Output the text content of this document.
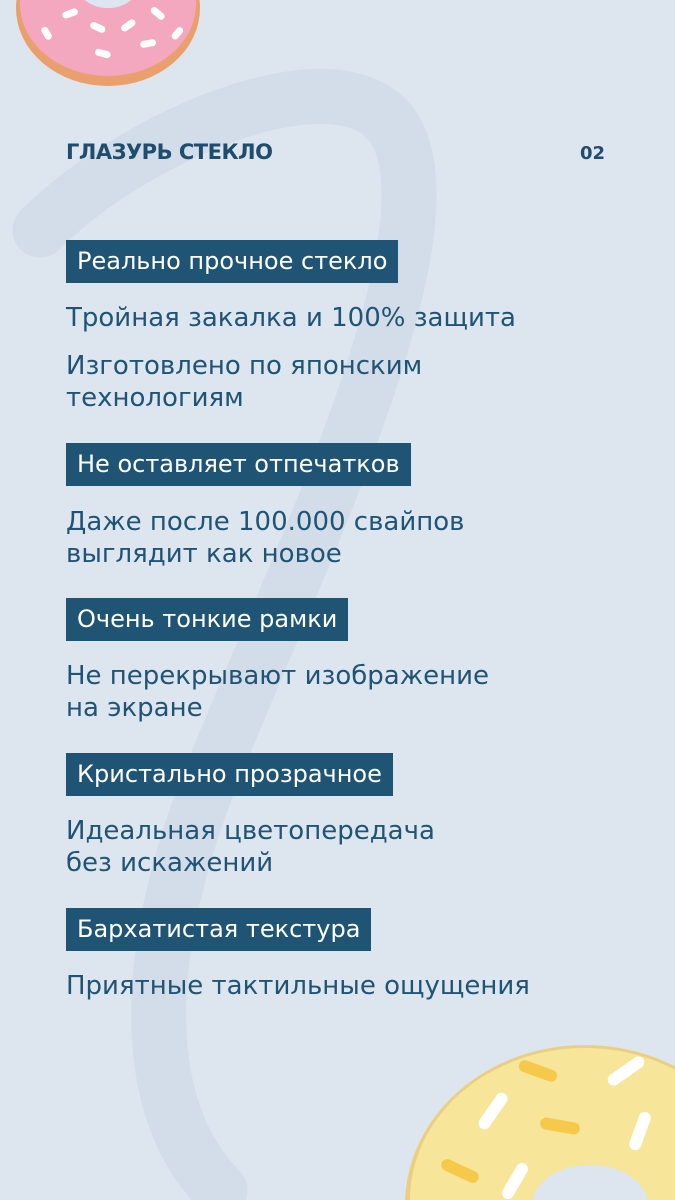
ГЛАЗУРЬ СТЕКЛО	02
Реально прочное стекло
Тройная закалка и 100% защита
Изготовлено по японским
технологиям
Не оставляет отпечатков
Даже после 100.000 свайпов
выглядит как новое
Очень тонкие рамки
Не перекрывают изображение
на экране
Кристально прозрачное
Идеальная цветопередача
без искажений
Бархатистая текстура
Приятные тактильные ощущения
